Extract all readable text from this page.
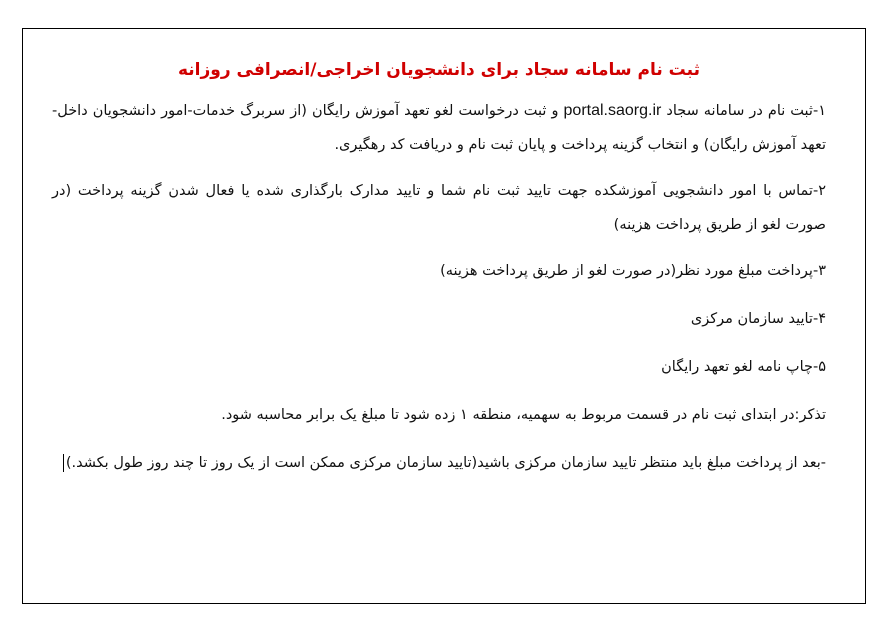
ثبت نام سامانه سجاد برای دانشجویان اخراجی/انصرافی روزانه

۱-ثبت نام در سامانه سجاد portal.saorg.ir و ثبت درخواست لغو تعهد آموزش رایگان (از سربرگ خدمات-امور دانشجویان داخل-تعهد آموزش رایگان) و انتخاب گزینه پرداخت و پایان ثبت نام و دریافت کد رهگیری.

۲-تماس با امور دانشجویی آموزشکده جهت تایید ثبت نام شما و تایید مدارک بارگذاری شده یا فعال شدن گزینه پرداخت (در صورت لغو از طریق پرداخت هزینه)

۳-پرداخت مبلغ مورد نظر(در صورت لغو از طریق پرداخت هزینه)

۴-تایید سازمان مرکزی

۵-چاپ نامه لغو تعهد رایگان

تذکر:در ابتدای ثبت نام در قسمت مربوط به سهمیه، منطقه ۱ زده شود تا مبلغ یک برابر محاسبه شود.

-بعد از پرداخت مبلغ باید منتظر تایید سازمان مرکزی باشید(تایید سازمان مرکزی ممکن است از یک روز تا چند روز طول بکشد.)
